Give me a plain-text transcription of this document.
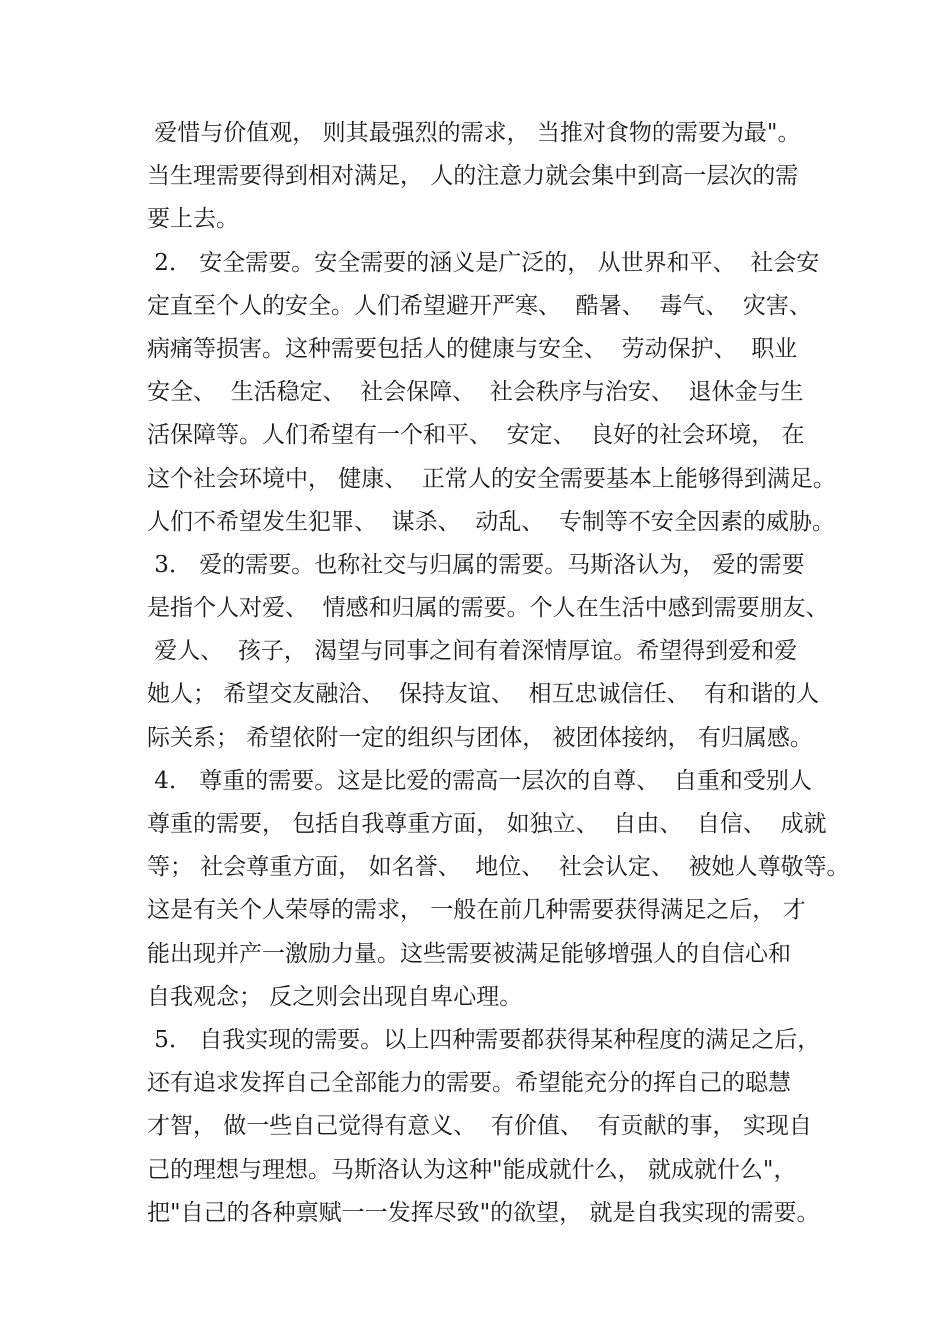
爱惜与价值观， 则其最强烈的需求， 当推对食物的需要为最"。
当生理需要得到相对满足， 人的注意力就会集中到高一层次的需
要上去。
2． 安全需要。安全需要的涵义是广泛的， 从世界和平、  社会安
定直至个人的安全。人们希望避开严寒、  酷暑、  毒气、  灾害、
病痛等损害。这种需要包括人的健康与安全、  劳动保护、  职业
安全、  生活稳定、  社会保障、  社会秩序与治安、  退休金与生
活保障等。人们希望有一个和平、  安定、  良好的社会环境， 在
这个社会环境中， 健康、  正常人的安全需要基本上能够得到满足。
人们不希望发生犯罪、  谋杀、  动乱、  专制等不安全因素的威胁。
3． 爱的需要。也称社交与归属的需要。马斯洛认为， 爱的需要
是指个人对爱、  情感和归属的需要。个人在生活中感到需要朋友、
爱人、  孩子， 渴望与同事之间有着深情厚谊。希望得到爱和爱
她人； 希望交友融洽、  保持友谊、  相互忠诚信任、  有和谐的人
际关系； 希望依附一定的组织与团体， 被团体接纳， 有归属感。
4． 尊重的需要。这是比爱的需高一层次的自尊、  自重和受别人
尊重的需要， 包括自我尊重方面， 如独立、  自由、  自信、  成就
等； 社会尊重方面， 如名誉、  地位、  社会认定、  被她人尊敬等。
这是有关个人荣辱的需求， 一般在前几种需要获得满足之后， 才
能出现并产一激励力量。这些需要被满足能够增强人的自信心和
自我观念； 反之则会出现自卑心理。
5． 自我实现的需要。以上四种需要都获得某种程度的满足之后，
还有追求发挥自己全部能力的需要。希望能充分的挥自己的聪慧
才智， 做一些自己觉得有意义、  有价值、  有贡献的事， 实现自
己的理想与理想。马斯洛认为这种"能成就什么， 就成就什么"，
把"自己的各种禀赋一一发挥尽致"的欲望， 就是自我实现的需要。
